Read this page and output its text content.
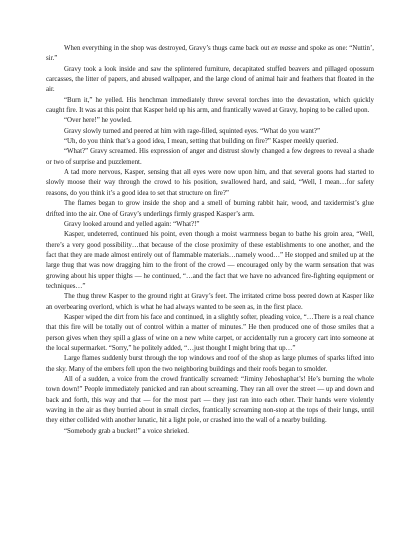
When everything in the shop was destroyed, Gravy’s thugs came back out en masse and spoke as one: “Nuttin’, sir.”

Gravy took a look inside and saw the splintered furniture, decapitated stuffed beavers and pillaged opossum carcasses, the litter of papers, and abused wallpaper, and the large cloud of animal hair and feathers that floated in the air.

“Burn it,” he yelled. His henchman immediately threw several torches into the devastation, which quickly caught fire. It was at this point that Kasper held up his arm, and frantically waved at Gravy, hoping to be called upon.

“Over here!” he yowled.

Gravy slowly turned and peered at him with rage-filled, squinted eyes. “What do you want?”

“Uh, do you think that’s a good idea, I mean, setting that building on fire?” Kasper meekly queried.

“What?” Gravy screamed. His expression of anger and distrust slowly changed a few degrees to reveal a shade or two of surprise and puzzlement.

A tad more nervous, Kasper, sensing that all eyes were now upon him, and that several goons had started to slowly moose their way through the crowd to his position, swallowed hard, and said, “Well, I mean…for safety reasons, do you think it’s a good idea to set that structure on fire?”

The flames began to grow inside the shop and a smell of burning rabbit hair, wood, and taxidermist’s glue drifted into the air. One of Gravy’s underlings firmly grasped Kasper’s arm.

Gravy looked around and yelled again: “What?!”

Kasper, undeterred, continued his point, even though a moist warmness began to bathe his groin area, “Well, there’s a very good possibility…that because of the close proximity of these establishments to one another, and the fact that they are made almost entirely out of flammable materials…namely wood…” He stopped and smiled up at the large thug that was now dragging him to the front of the crowd — encouraged only by the warm sensation that was growing about his upper thighs — he continued, “…and the fact that we have no advanced fire-fighting equipment or techniques…”

The thug threw Kasper to the ground right at Gravy’s feet. The irritated crime boss peered down at Kasper like an overbearing overlord, which is what he had always wanted to be seen as, in the first place.

Kasper wiped the dirt from his face and continued, in a slightly softer, pleading voice, “…There is a real chance that this fire will be totally out of control within a matter of minutes.” He then produced one of those smiles that a person gives when they spill a glass of wine on a new white carpet, or accidentally run a grocery cart into someone at the local supermarket. “Sorry,” he politely added, “…just thought I might bring that up…”

Large flames suddenly burst through the top windows and roof of the shop as large plumes of sparks lifted into the sky. Many of the embers fell upon the two neighboring buildings and their roofs began to smolder.

All of a sudden, a voice from the crowd frantically screamed: “Jiminy Jehoshaphat’s! He’s burning the whole town down!” People immediately panicked and ran about screaming. They ran all over the street — up and down and back and forth, this way and that — for the most part — they just ran into each other. Their hands were violently waving in the air as they burried about in small circles, frantically screaming non-stop at the tops of their lungs, until they either collided with another lunatic, hit a light pole, or crashed into the wall of a nearby building.

“Somebody grab a bucket!” a voice shrieked.
